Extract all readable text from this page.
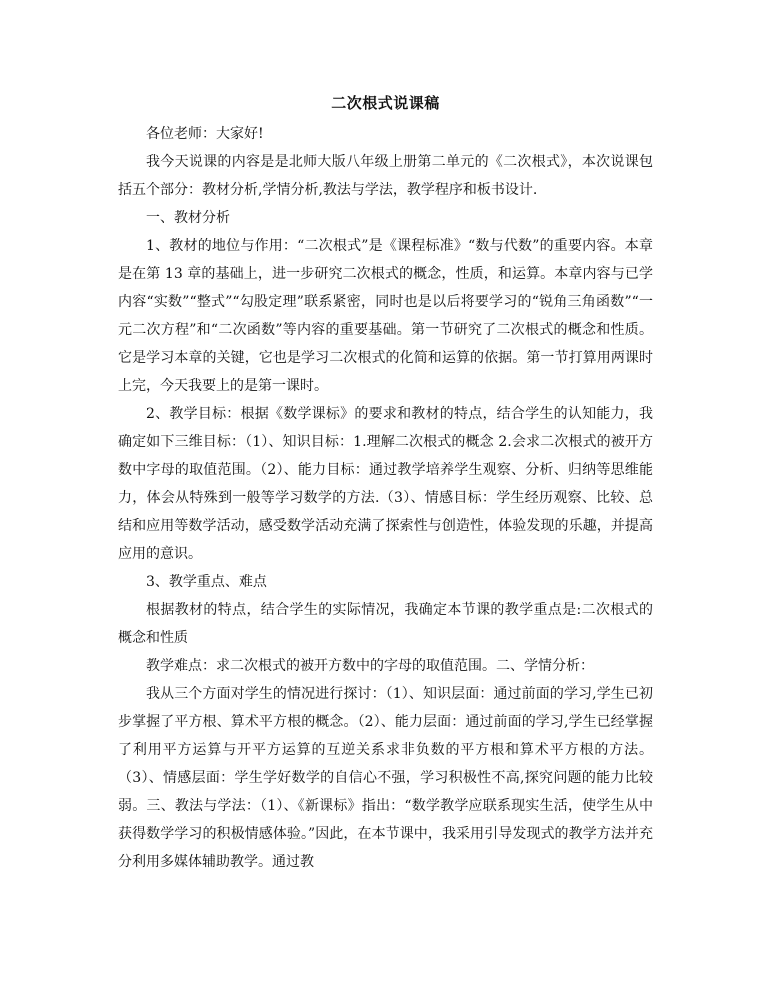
二次根式说课稿

各位老师：大家好!

我今天说课的内容是是北师大版八年级上册第二单元的《二次根式》，本次说课包括五个部分：教材分析,学情分析,教法与学法，教学程序和板书设计.

一、教材分析

1、教材的地位与作用：“二次根式”是《课程标准》“数与代数”的重要内容。本章是在第 13 章的基础上，进一步研究二次根式的概念，性质，和运算。本章内容与已学内容“实数”“整式”“勾股定理”联系紧密，同时也是以后将要学习的“锐角三角函数”“一元二次方程”和“二次函数”等内容的重要基础。第一节研究了二次根式的概念和性质。它是学习本章的关键，它也是学习二次根式的化简和运算的依据。第一节打算用两课时上完，今天我要上的是第一课时。

2、教学目标：根据《数学课标》的要求和教材的特点，结合学生的认知能力，我确定如下三维目标：（1）、知识目标：1.理解二次根式的概念 2.会求二次根式的被开方数中字母的取值范围。（2）、能力目标：通过教学培养学生观察、分析、归纳等思维能力，体会从特殊到一般等学习数学的方法.（3）、情感目标：学生经历观察、比较、总结和应用等数学活动，感受数学活动充满了探索性与创造性，体验发现的乐趣，并提高应用的意识。

3、教学重点、难点

根据教材的特点，结合学生的实际情况，我确定本节课的教学重点是:二次根式的概念和性质

教学难点：求二次根式的被开方数中的字母的取值范围。二、学情分析：

我从三个方面对学生的情况进行探讨：（1）、知识层面：通过前面的学习,学生已初步掌握了平方根、算术平方根的概念。（2）、能力层面：通过前面的学习,学生已经掌握了利用平方运算与开平方运算的互逆关系求非负数的平方根和算术平方根的方法。（3）、情感层面：学生学好数学的自信心不强，学习积极性不高,探究问题的能力比较弱。三、教法与学法：（1）、《新课标》指出：“数学教学应联系现实生活，使学生从中获得数学学习的积极情感体验。”因此，在本节课中，我采用引导发现式的教学方法并充分利用多媒体辅助教学。通过教
